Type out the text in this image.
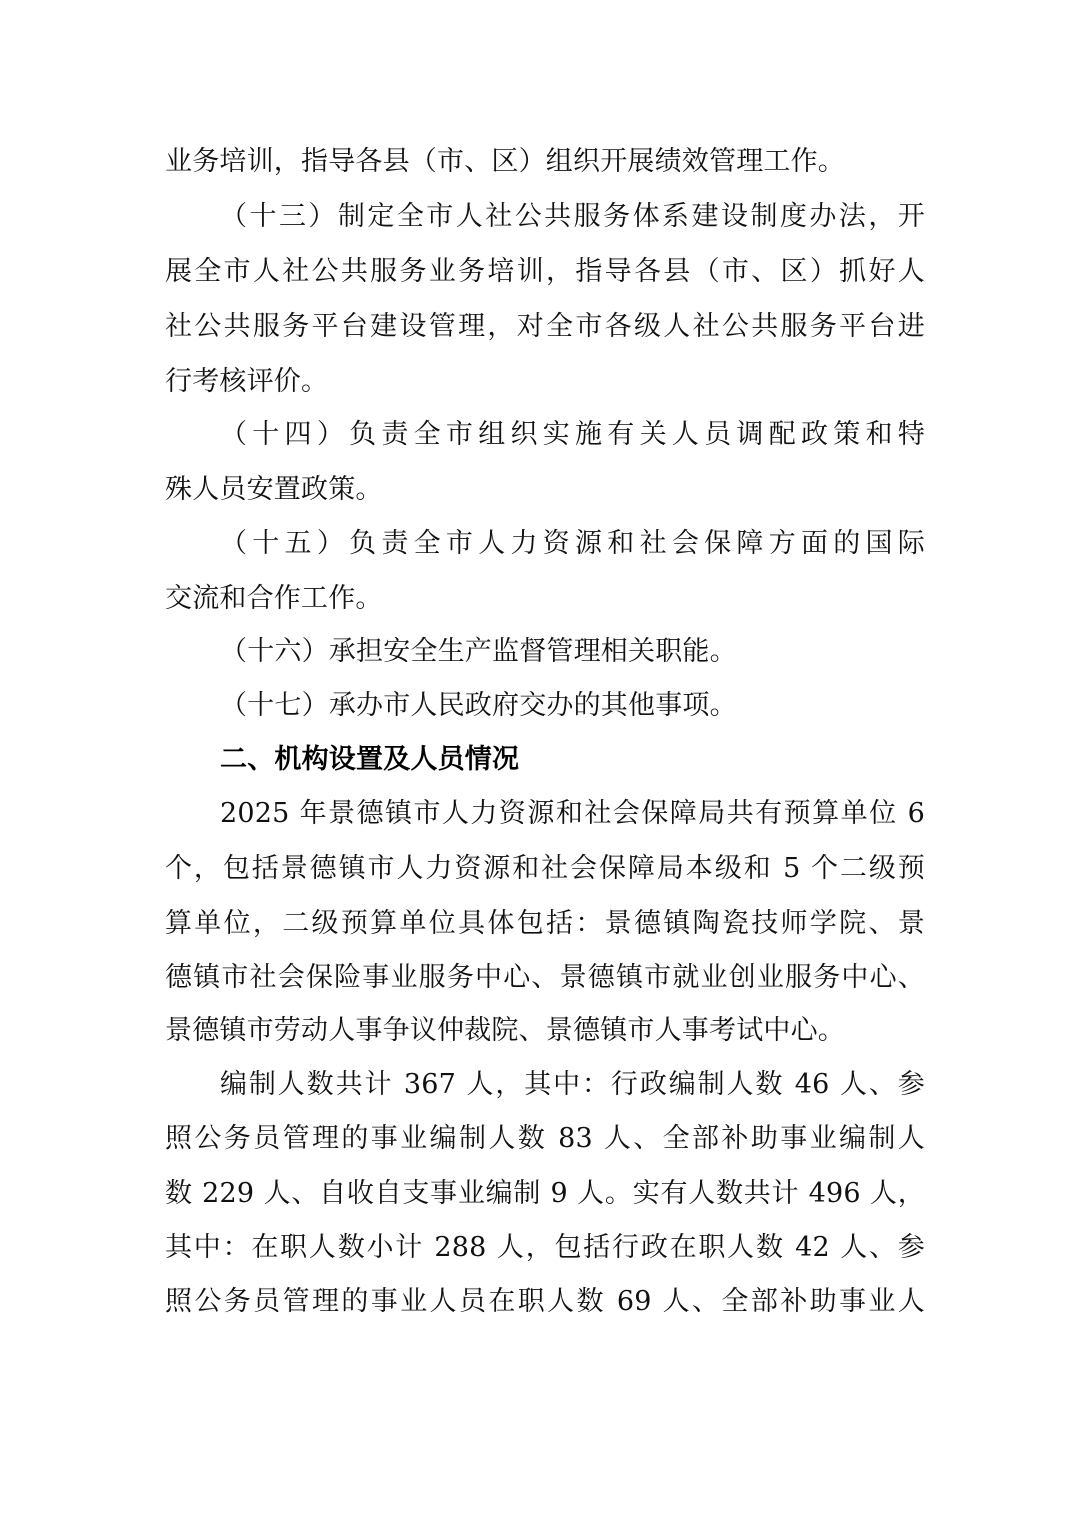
业务培训，指导各县（市、区）组织开展绩效管理工作。
（十三）制定全市人社公共服务体系建设制度办法，开
展全市人社公共服务业务培训，指导各县（市、区）抓好人
社公共服务平台建设管理，对全市各级人社公共服务平台进
行考核评价。
（十四）负责全市组织实施有关人员调配政策和特
殊人员安置政策。
（十五）负责全市人力资源和社会保障方面的国际
交流和合作工作。
（十六）承担安全生产监督管理相关职能。
（十七）承办市人民政府交办的其他事项。
二、机构设置及人员情况
2025 年景德镇市人力资源和社会保障局共有预算单位 6
个，包括景德镇市人力资源和社会保障局本级和 5 个二级预
算单位，二级预算单位具体包括：景德镇陶瓷技师学院、景
德镇市社会保险事业服务中心、景德镇市就业创业服务中心、
景德镇市劳动人事争议仲裁院、景德镇市人事考试中心。
编制人数共计 367 人，其中：行政编制人数 46 人、参
照公务员管理的事业编制人数 83 人、全部补助事业编制人
数 229 人、自收自支事业编制 9 人。实有人数共计 496 人，
其中：在职人数小计 288 人，包括行政在职人数 42 人、参
照公务员管理的事业人员在职人数 69 人、全部补助事业人
